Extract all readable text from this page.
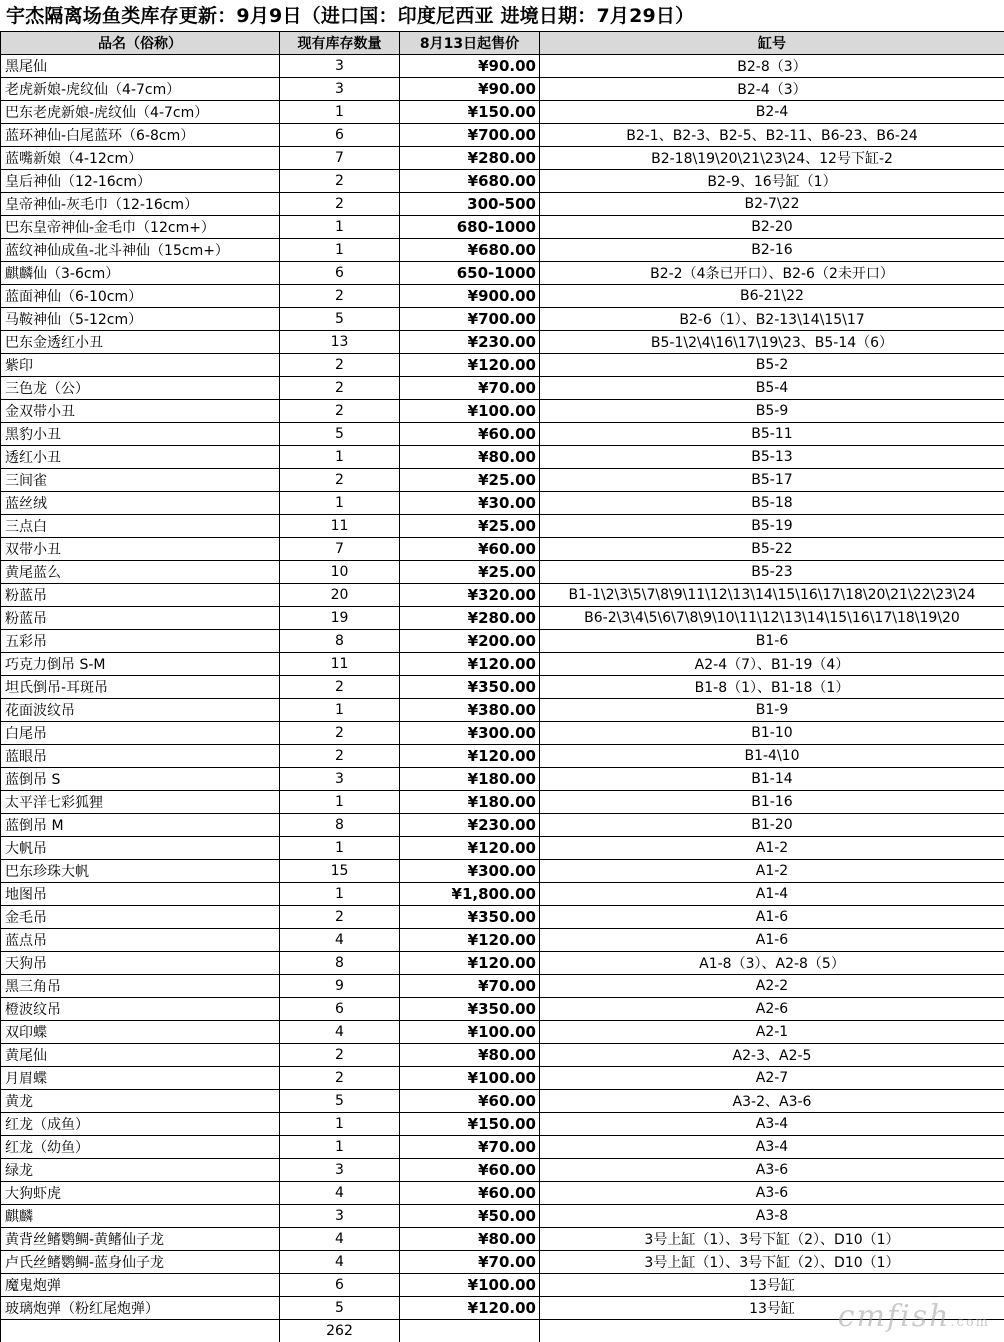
宇杰隔离场鱼类库存更新：9月9日（进口国：印度尼西亚 进境日期：7月29日）
品名（俗称）	现有库存数量	8月13日起售价	缸号
黑尾仙	3	¥90.00	B2-8（3）
老虎新娘-虎纹仙（4-7cm）	3	¥90.00	B2-4（3）
巴东老虎新娘-虎纹仙（4-7cm）	1	¥150.00	B2-4
蓝环神仙-白尾蓝环（6-8cm）	6	¥700.00	B2-1、B2-3、B2-5、B2-11、B6-23、B6-24
蓝嘴新娘（4-12cm）	7	¥280.00	B2-18\19\20\21\23\24、12号下缸-2
皇后神仙（12-16cm）	2	¥680.00	B2-9、16号缸（1）
皇帝神仙-灰毛巾（12-16cm）	2	300-500	B2-7\22
巴东皇帝神仙-金毛巾（12cm+）	1	680-1000	B2-20
蓝纹神仙成鱼-北斗神仙（15cm+）	1	¥680.00	B2-16
麒麟仙（3-6cm）	6	650-1000	B2-2（4条已开口）、B2-6（2未开口）
蓝面神仙（6-10cm）	2	¥900.00	B6-21\22
马鞍神仙（5-12cm）	5	¥700.00	B2-6（1）、B2-13\14\15\17
巴东金透红小丑	13	¥230.00	B5-1\2\4\16\17\19\23、B5-14（6）
紫印	2	¥120.00	B5-2
三色龙（公）	2	¥70.00	B5-4
金双带小丑	2	¥100.00	B5-9
黑豹小丑	5	¥60.00	B5-11
透红小丑	1	¥80.00	B5-13
三间雀	2	¥25.00	B5-17
蓝丝绒	1	¥30.00	B5-18
三点白	11	¥25.00	B5-19
双带小丑	7	¥60.00	B5-22
黄尾蓝么	10	¥25.00	B5-23
粉蓝吊	20	¥320.00	B1-1\2\3\5\7\8\9\11\12\13\14\15\16\17\18\20\21\22\23\24
粉蓝吊	19	¥280.00	B6-2\3\4\5\6\7\8\9\10\11\12\13\14\15\16\17\18\19\20
五彩吊	8	¥200.00	B1-6
巧克力倒吊 S-M	11	¥120.00	A2-4（7）、B1-19（4）
坦氏倒吊-耳斑吊	2	¥350.00	B1-8（1）、B1-18（1）
花面波纹吊	1	¥380.00	B1-9
白尾吊	2	¥300.00	B1-10
蓝眼吊	2	¥120.00	B1-4\10
蓝倒吊 S	3	¥180.00	B1-14
太平洋七彩狐狸	1	¥180.00	B1-16
蓝倒吊 M	8	¥230.00	B1-20
大帆吊	1	¥120.00	A1-2
巴东珍珠大帆	15	¥300.00	A1-2
地图吊	1	¥1,800.00	A1-4
金毛吊	2	¥350.00	A1-6
蓝点吊	4	¥120.00	A1-6
天狗吊	8	¥120.00	A1-8（3）、A2-8（5）
黑三角吊	9	¥70.00	A2-2
橙波纹吊	6	¥350.00	A2-6
双印蝶	4	¥100.00	A2-1
黄尾仙	2	¥80.00	A2-3、A2-5
月眉蝶	2	¥100.00	A2-7
黄龙	5	¥60.00	A3-2、A3-6
红龙（成鱼）	1	¥150.00	A3-4
红龙（幼鱼）	1	¥70.00	A3-4
绿龙	3	¥60.00	A3-6
大狗虾虎	4	¥60.00	A3-6
麒麟	3	¥50.00	A3-8
黄背丝鳍鹦鲷-黄鳍仙子龙	4	¥80.00	3号上缸（1）、3号下缸（2）、D10（1）
卢氏丝鳍鹦鲷-蓝身仙子龙	4	¥70.00	3号上缸（1）、3号下缸（2）、D10（1）
魔鬼炮弹	6	¥100.00	13号缸
玻璃炮弹（粉红尾炮弹）	5	¥120.00	13号缸
	262			cmfish.com
